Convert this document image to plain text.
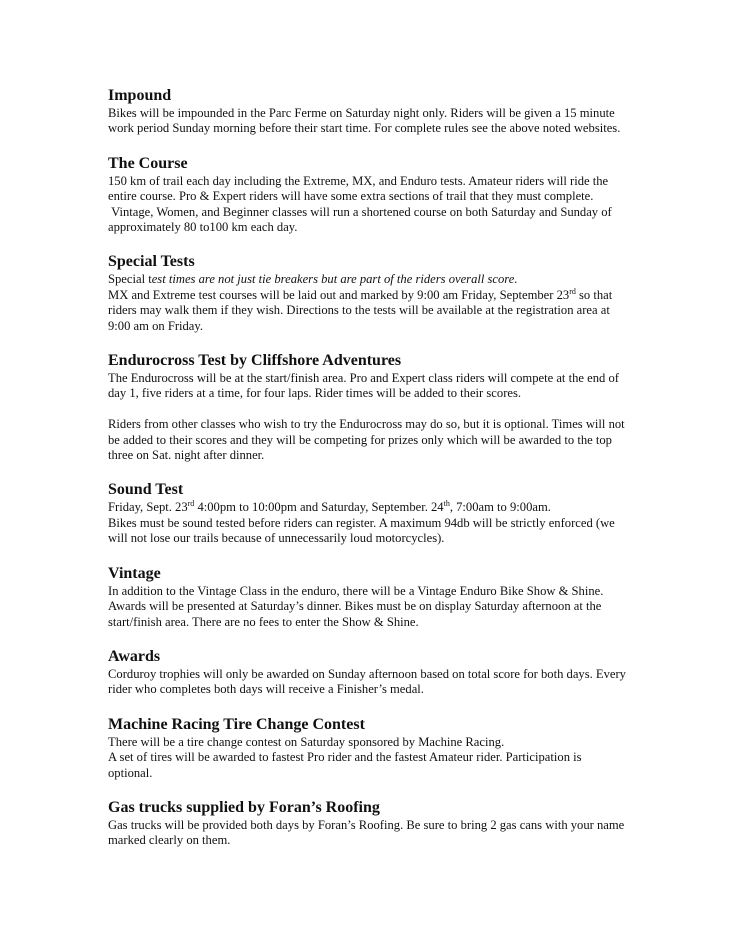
Impound

Bikes will be impounded in the Parc Ferme on Saturday night only. Riders will be given a 15 minute work period Sunday morning before their start time. For complete rules see the above noted websites.

The Course

150 km of trail each day including the Extreme, MX, and Enduro tests. Amateur riders will ride the entire course. Pro & Expert riders will have some extra sections of trail that they must complete.

Vintage, Women, and Beginner classes will run a shortened course on both Saturday and Sunday of approximately 80 to100 km each day.

Special Tests

Special test times are not just tie breakers but are part of the riders overall score.

MX and Extreme test courses will be laid out and marked by 9:00 am Friday, September 23rd so that riders may walk them if they wish. Directions to the tests will be available at the registration area at 9:00 am on Friday.

Endurocross Test by Cliffshore Adventures

The Endurocross will be at the start/finish area. Pro and Expert class riders will compete at the end of day 1, five riders at a time, for four laps. Rider times will be added to their scores.

Riders from other classes who wish to try the Endurocross may do so, but it is optional. Times will not be added to their scores and they will be competing for prizes only which will be awarded to the top three on Sat. night after dinner.

Sound Test

Friday, Sept. 23rd 4:00pm to 10:00pm and Saturday, September. 24th, 7:00am to 9:00am.

Bikes must be sound tested before riders can register. A maximum 94db will be strictly enforced (we will not lose our trails because of unnecessarily loud motorcycles).

Vintage

In addition to the Vintage Class in the enduro, there will be a Vintage Enduro Bike Show & Shine. Awards will be presented at Saturday’s dinner. Bikes must be on display Saturday afternoon at the start/finish area. There are no fees to enter the Show & Shine.

Awards

Corduroy trophies will only be awarded on Sunday afternoon based on total score for both days. Every rider who completes both days will receive a Finisher’s medal.

Machine Racing Tire Change Contest

There will be a tire change contest on Saturday sponsored by Machine Racing.

A set of tires will be awarded to fastest Pro rider and the fastest Amateur rider. Participation is optional.

Gas trucks supplied by Foran’s Roofing

Gas trucks will be provided both days by Foran’s Roofing. Be sure to bring 2 gas cans with your name marked clearly on them.
